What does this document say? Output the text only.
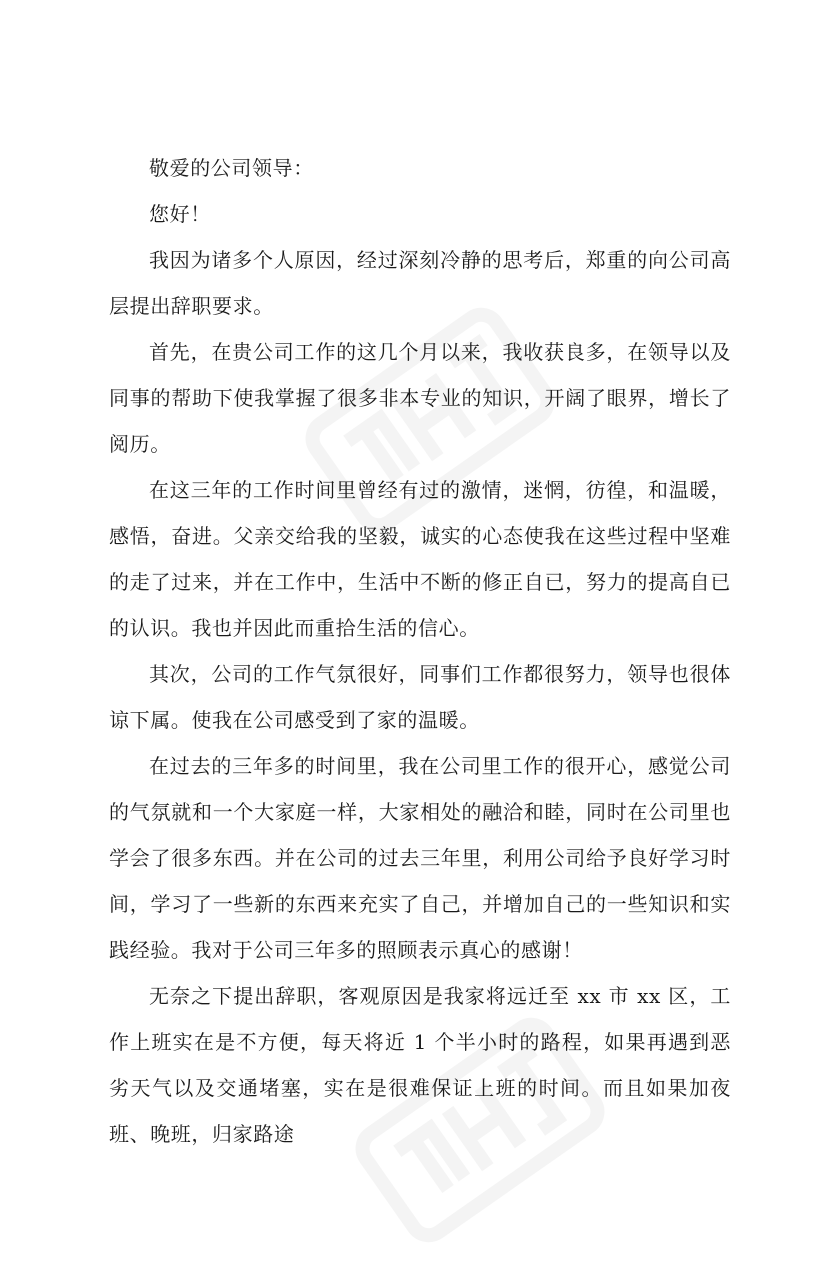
敬爱的公司领导：

您好！

我因为诸多个人原因，经过深刻冷静的思考后，郑重的向公司高层提出辞职要求。

首先，在贵公司工作的这几个月以来，我收获良多，在领导以及同事的帮助下使我掌握了很多非本专业的知识，开阔了眼界，增长了阅历。

在这三年的工作时间里曾经有过的激情，迷惘，彷徨，和温暖，感悟，奋进。父亲交给我的坚毅，诚实的心态使我在这些过程中坚难的走了过来，并在工作中，生活中不断的修正自已，努力的提高自已的认识。我也并因此而重拾生活的信心。

其次，公司的工作气氛很好，同事们工作都很努力，领导也很体谅下属。使我在公司感受到了家的温暖。

在过去的三年多的时间里，我在公司里工作的很开心，感觉公司的气氛就和一个大家庭一样，大家相处的融洽和睦，同时在公司里也学会了很多东西。并在公司的过去三年里，利用公司给予良好学习时间，学习了一些新的东西来充实了自己，并增加自己的一些知识和实践经验。我对于公司三年多的照顾表示真心的感谢！

无奈之下提出辞职，客观原因是我家将远迁至 xx 市 xx 区，工作上班实在是不方便，每天将近 1 个半小时的路程，如果再遇到恶劣天气以及交通堵塞，实在是很难保证上班的时间。而且如果加夜班、晚班，归家路途
